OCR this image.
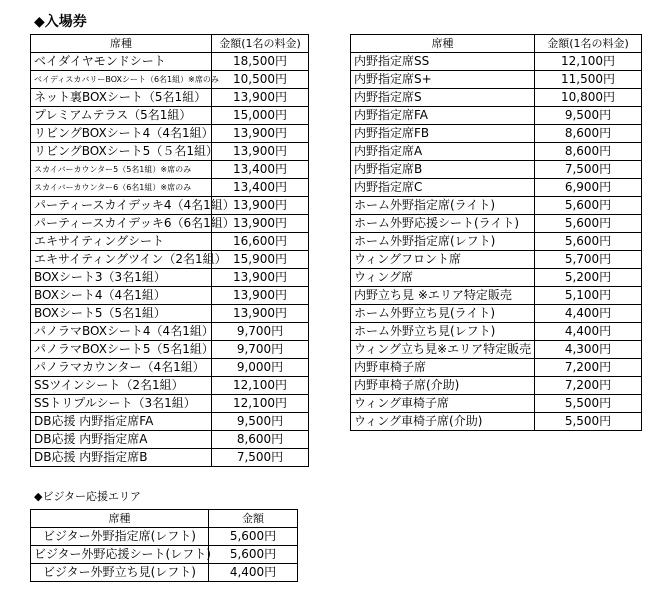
◆入場券
席種	金額(1名の料金)
ベイダイヤモンドシート	18,500円
ベイディスカバリーBOXシート（6名1組）※席のみ	10,500円
ネット裏BOXシート（5名1組）	13,900円
プレミアムテラス（5名1組）	15,000円
リビングBOXシート4（4名1組）	13,900円
リビングBOXシート5（５名1組）	13,900円
スカイバーカウンター5（5名1組）※席のみ	13,400円
スカイバーカウンター6（6名1組）※席のみ	13,400円
パーティースカイデッキ4（4名1組）	13,900円
パーティースカイデッキ6（6名1組）	13,900円
エキサイティングシート	16,600円
エキサイティングツイン（2名1組）	15,900円
BOXシート3（3名1組）	13,900円
BOXシート4（4名1組）	13,900円
BOXシート5（5名1組）	13,900円
パノラマBOXシート4（4名1組）	9,700円
パノラマBOXシート5（5名1組）	9,700円
パノラマカウンター（4名1組）	9,000円
SSツインシート（2名1組）	12,100円
SSトリプルシート（3名1組）	12,100円
DB応援 内野指定席FA	9,500円
DB応援 内野指定席A	8,600円
DB応援 内野指定席B	7,500円
席種	金額(1名の料金)
内野指定席SS	12,100円
内野指定席S+	11,500円
内野指定席S	10,800円
内野指定席FA	9,500円
内野指定席FB	8,600円
内野指定席A	8,600円
内野指定席B	7,500円
内野指定席C	6,900円
ホーム外野指定席(ライト)	5,600円
ホーム外野応援シート(ライト)	5,600円
ホーム外野指定席(レフト)	5,600円
ウィングフロント席	5,700円
ウィング席	5,200円
内野立ち見 ※エリア特定販売	5,100円
ホーム外野立ち見(ライト)	4,400円
ホーム外野立ち見(レフト)	4,400円
ウィング立ち見※エリア特定販売	4,300円
内野車椅子席	7,200円
内野車椅子席(介助)	7,200円
ウィング車椅子席	5,500円
ウィング車椅子席(介助)	5,500円
◆ビジター応援エリア
席種	金額
ビジター外野指定席(レフト)	5,600円
ビジター外野応援シート(レフト)	5,600円
ビジター外野立ち見(レフト)	4,400円
